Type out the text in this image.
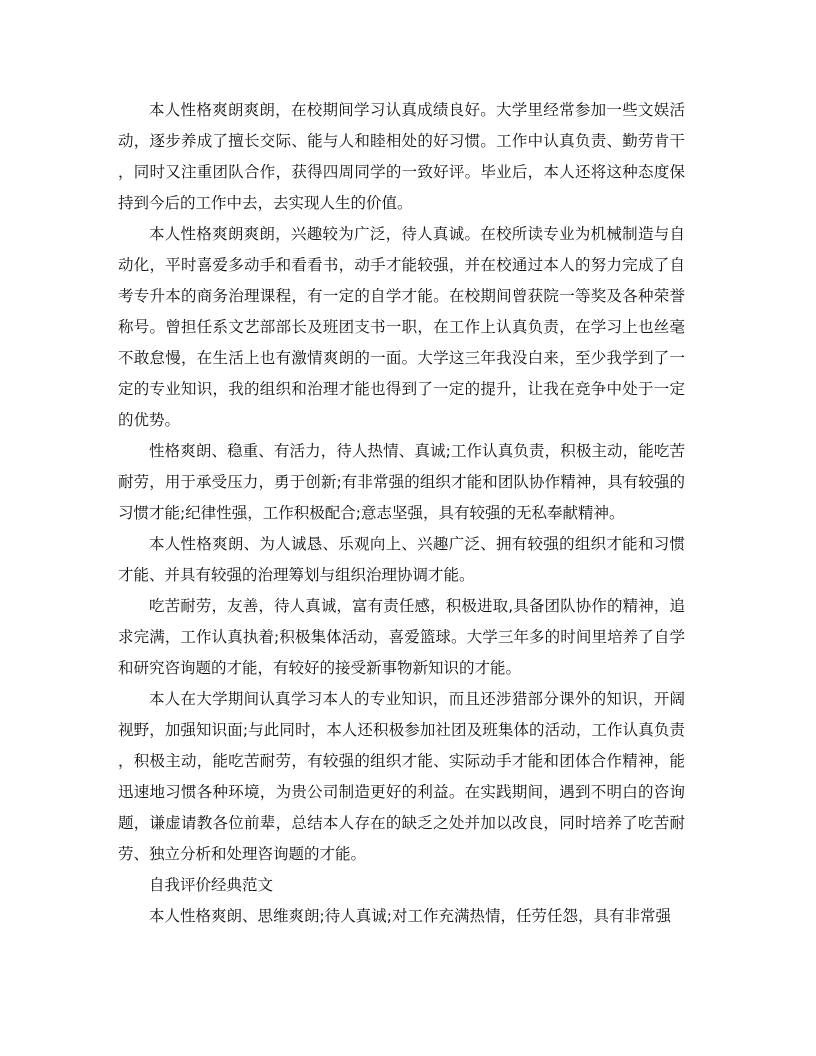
本人性格爽朗爽朗，在校期间学习认真成绩良好。大学里经常参加一些文娱活动，逐步养成了擅长交际、能与人和睦相处的好习惯。工作中认真负责、勤劳肯干，同时又注重团队合作，获得四周同学的一致好评。毕业后，本人还将这种态度保持到今后的工作中去，去实现人生的价值。

本人性格爽朗爽朗，兴趣较为广泛，待人真诚。在校所读专业为机械制造与自动化，平时喜爱多动手和看看书，动手才能较强，并在校通过本人的努力完成了自考专升本的商务治理课程，有一定的自学才能。在校期间曾获院一等奖及各种荣誉称号。曾担任系文艺部部长及班团支书一职，在工作上认真负责，在学习上也丝毫不敢怠慢，在生活上也有激情爽朗的一面。大学这三年我没白来，至少我学到了一定的专业知识，我的组织和治理才能也得到了一定的提升，让我在竞争中处于一定的优势。

性格爽朗、稳重、有活力，待人热情、真诚;工作认真负责，积极主动，能吃苦耐劳，用于承受压力，勇于创新;有非常强的组织才能和团队协作精神，具有较强的习惯才能;纪律性强，工作积极配合;意志坚强，具有较强的无私奉献精神。

本人性格爽朗、为人诚恳、乐观向上、兴趣广泛、拥有较强的组织才能和习惯才能、并具有较强的治理筹划与组织治理协调才能。

吃苦耐劳，友善，待人真诚，富有责任感，积极进取,具备团队协作的精神，追求完满，工作认真执着;积极集体活动，喜爱篮球。大学三年多的时间里培养了自学和研究咨询题的才能，有较好的接受新事物新知识的才能。

本人在大学期间认真学习本人的专业知识，而且还涉猎部分课外的知识，开阔视野，加强知识面;与此同时，本人还积极参加社团及班集体的活动，工作认真负责，积极主动，能吃苦耐劳，有较强的组织才能、实际动手才能和团体合作精神，能迅速地习惯各种环境，为贵公司制造更好的利益。在实践期间，遇到不明白的咨询题，谦虚请教各位前辈，总结本人存在的缺乏之处并加以改良，同时培养了吃苦耐劳、独立分析和处理咨询题的才能。

自我评价经典范文

本人性格爽朗、思维爽朗;待人真诚;对工作充满热情，任劳任怨，具有非常强
